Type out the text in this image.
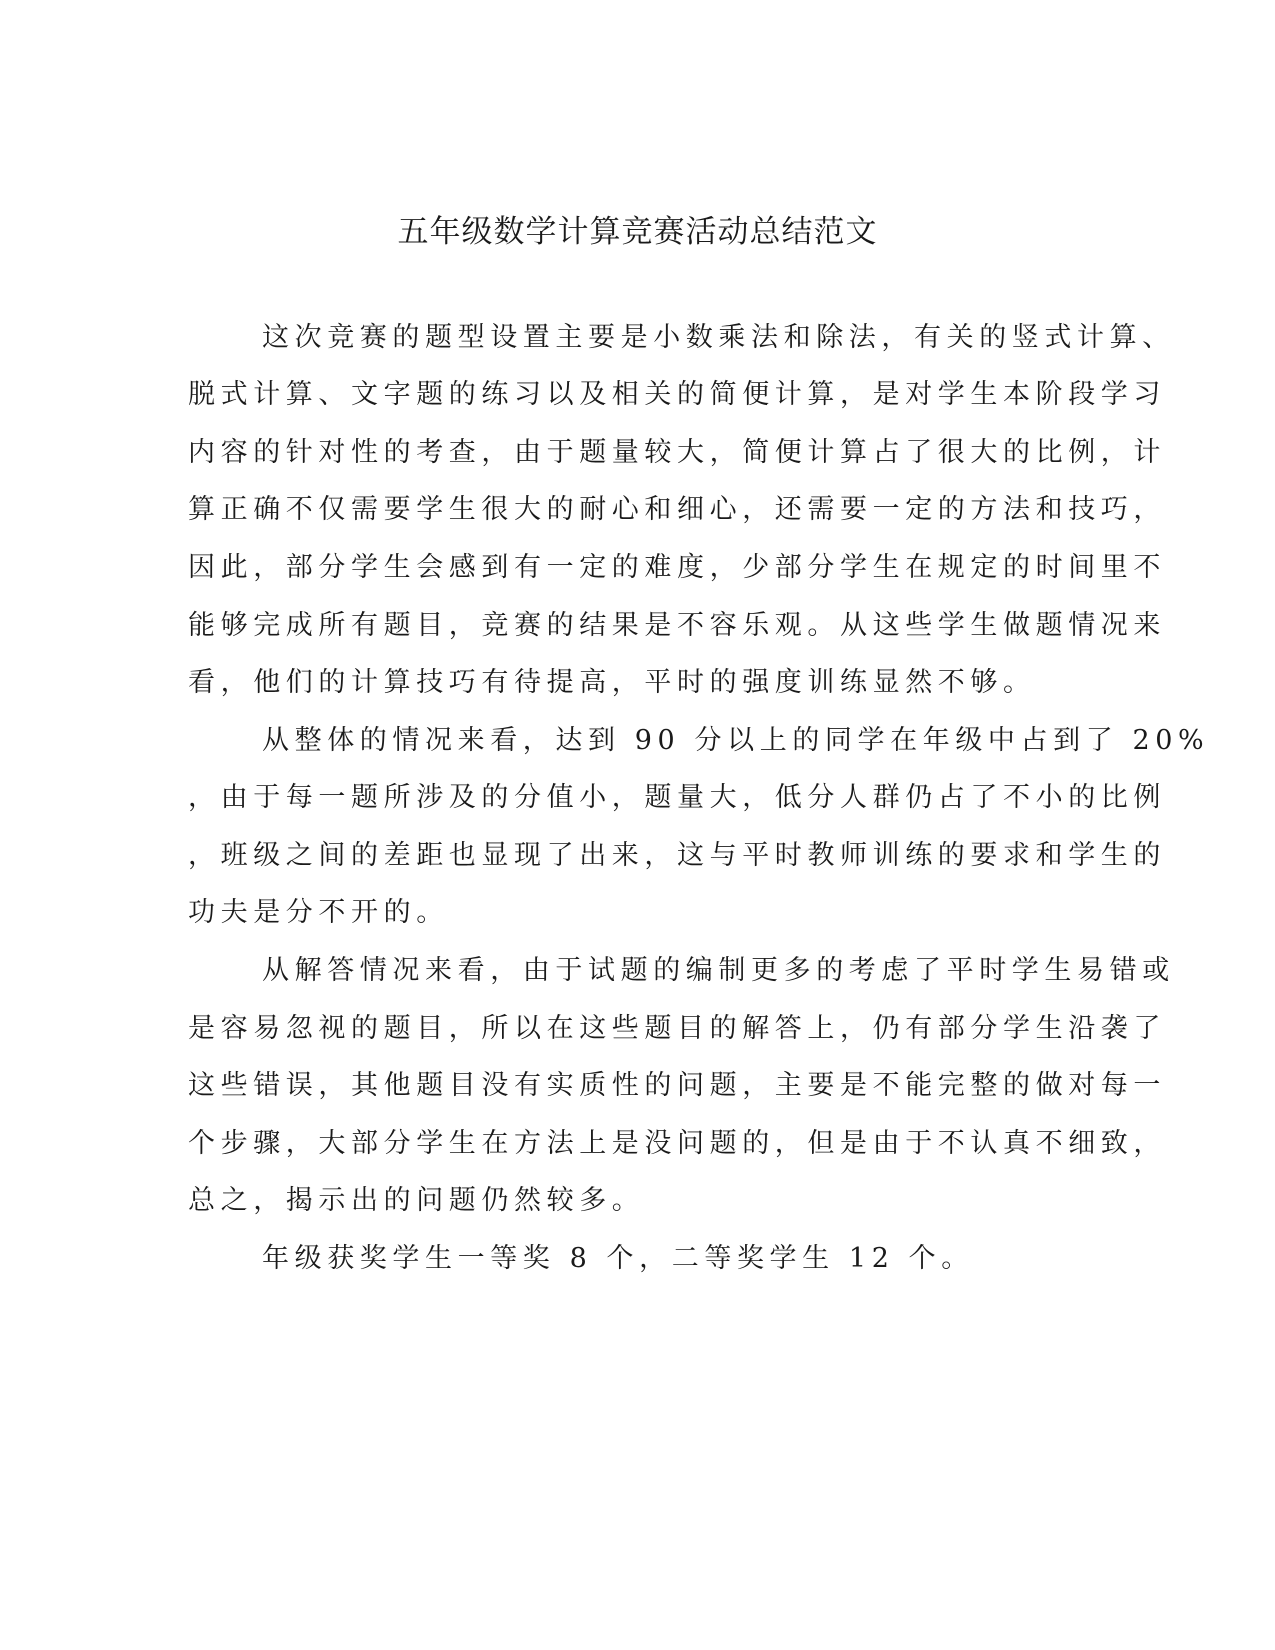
五年级数学计算竞赛活动总结范文

这次竞赛的题型设置主要是小数乘法和除法，有关的竖式计算、

脱式计算、文字题的练习以及相关的简便计算，是对学生本阶段学习

内容的针对性的考查，由于题量较大，简便计算占了很大的比例，计

算正确不仅需要学生很大的耐心和细心，还需要一定的方法和技巧，

因此，部分学生会感到有一定的难度，少部分学生在规定的时间里不

能够完成所有题目，竞赛的结果是不容乐观。从这些学生做题情况来

看，他们的计算技巧有待提高，平时的强度训练显然不够。

从整体的情况来看，达到 90 分以上的同学在年级中占到了 20%

，由于每一题所涉及的分值小，题量大，低分人群仍占了不小的比例

，班级之间的差距也显现了出来，这与平时教师训练的要求和学生的

功夫是分不开的。

从解答情况来看，由于试题的编制更多的考虑了平时学生易错或

是容易忽视的题目，所以在这些题目的解答上，仍有部分学生沿袭了

这些错误，其他题目没有实质性的问题，主要是不能完整的做对每一

个步骤，大部分学生在方法上是没问题的，但是由于不认真不细致，

总之，揭示出的问题仍然较多。

年级获奖学生一等奖 8 个，二等奖学生 12 个。
